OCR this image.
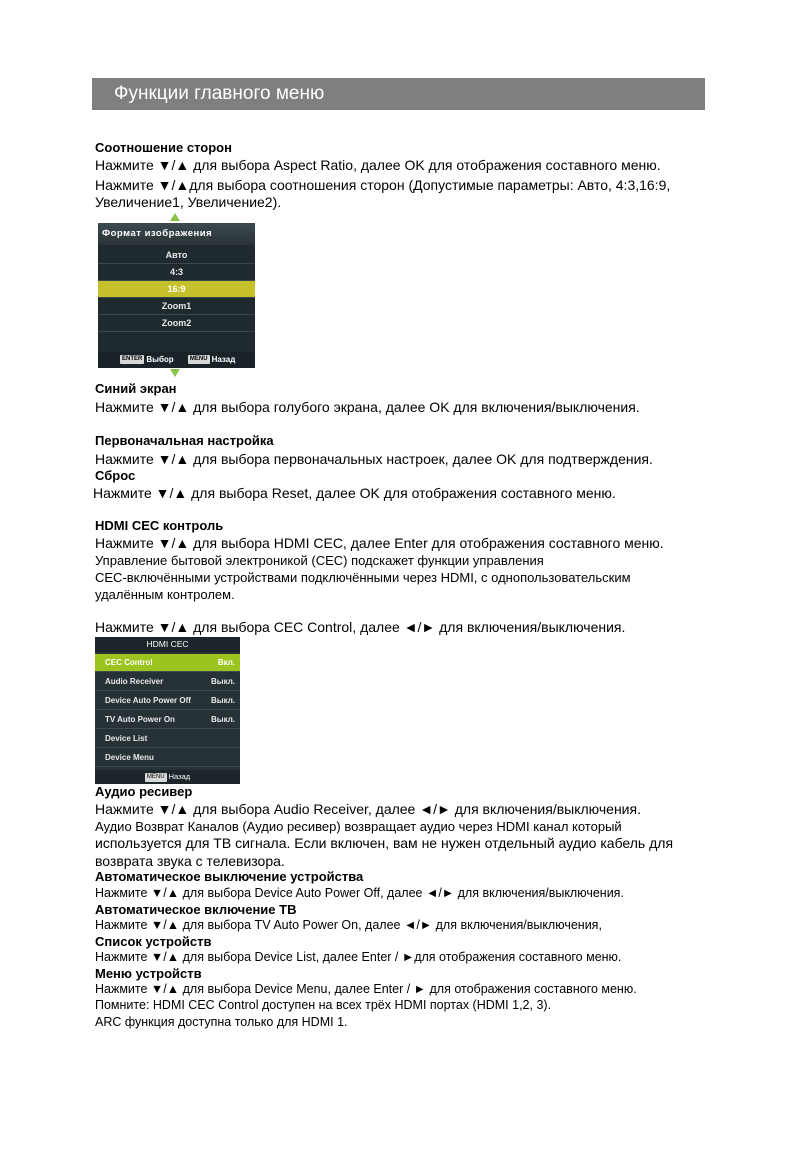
Функции главного меню
Соотношение сторон
Нажмите ▼/▲ для выбора Aspect Ratio, далее OK для отображения составного меню.
Нажмите ▼/▲для выбора соотношения сторон (Допустимые параметры: Авто, 4:3,16:9,
Увеличение1, Увеличение2).
Формат изображения
Авто
4:3
16:9
Zoom1
Zoom2
ENTER Выбор	MENU Назад
Синий экран
Нажмите ▼/▲ для выбора голубого экрана, далее OK для включения/выключения.
Первоначальная настройка
Нажмите ▼/▲ для выбора первоначальных настроек, далее OK для подтверждения.
Сброс
Нажмите ▼/▲ для выбора Reset, далее OK для отображения составного меню.
HDMI CEC контроль
Нажмите ▼/▲ для выбора HDMI CEC, далее Enter для отображения составного меню.
Управление бытовой электроникой (CEC) подскажет функции управления
CEC-включёнными устройствами подключёнными через HDMI, с однопользовательским
удалённым контролем.
Нажмите ▼/▲ для выбора CEC Control, далее ◄/► для включения/выключения.
HDMI CEC
CEC Control	Вкл.
Audio Receiver	Выкл.
Device Auto Power Off	Выкл.
TV Auto Power On	Выкл.
Device List
Device Menu
MENU Назад
Аудио ресивер
Нажмите ▼/▲ для выбора Audio Receiver, далее ◄/► для включения/выключения.
Аудио Возврат Каналов (Аудио ресивер) возвращает аудио через HDMI канал который
используется для ТВ сигнала. Если включен, вам не нужен отдельный аудио кабель для
возврата звука с телевизора.
Автоматическое выключение устройства
Нажмите ▼/▲ для выбора Device Auto Power Off, далее ◄/► для включения/выключения.
Автоматическое включение ТВ
Нажмите ▼/▲ для выбора TV Auto Power On, далее ◄/► для включения/выключения,
Список устройств
Нажмите ▼/▲ для выбора Device List, далее Enter / ►для отображения составного меню.
Меню устройств
Нажмите ▼/▲ для выбора Device Menu, далее Enter / ► для отображения составного меню.
Помните: HDMI CEC Control доступен на всех трёх HDMI портах (HDMI 1,2, 3).
ARC функция доступна только для HDMI 1.
